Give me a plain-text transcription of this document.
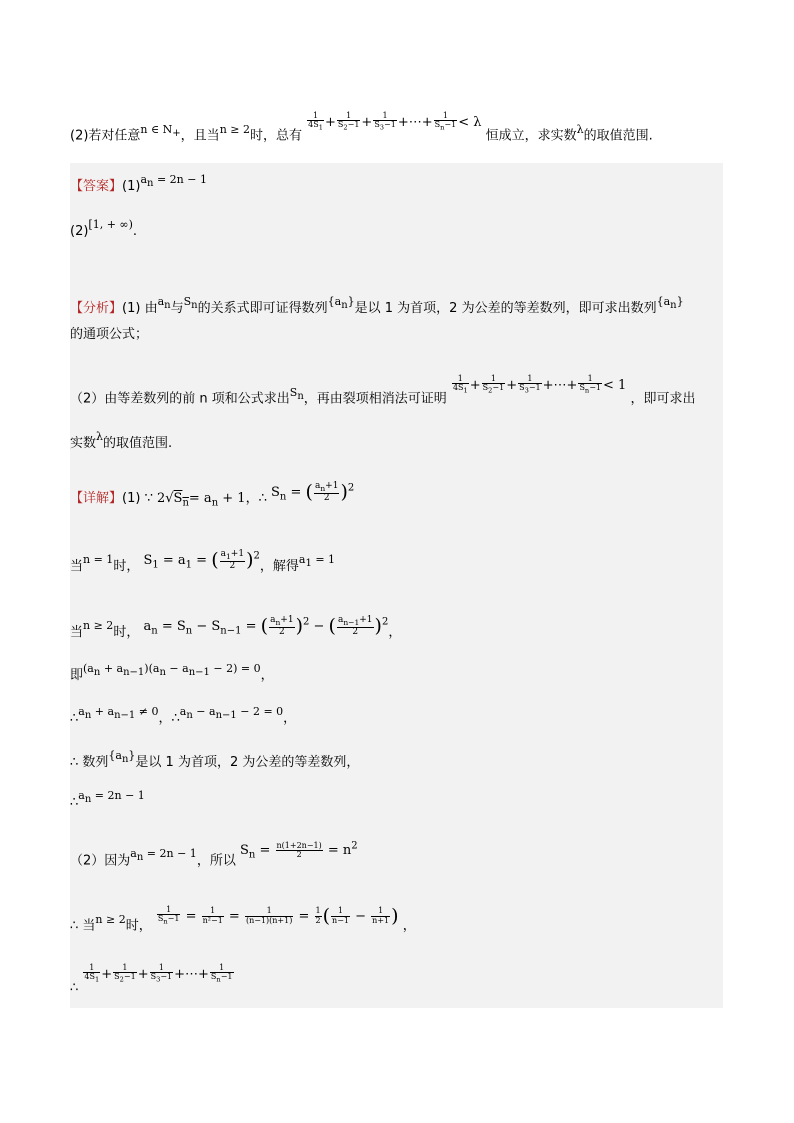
(2)若对任意$^{n \in N_+}$，且当$^{n \ge 2}$时，总有
$\frac{1}{4S_1} + \frac{1}{S_2-1} + \frac{1}{S_3-1}$ +⋯+ $\frac{1}{S_n-1} < \lambda$ 恒成立，求实数$^\lambda$的取值范围.
【答案】$(1)^{a_n = 2n - 1}$
$(2)^{[1, + \infty)}$.
【分析】(1) 由$^{a_n}$与$^{S_n}$的关系式即可证得数列$^{\{a_n\}}$是以 1 为首项，2 为公差的等差数列，即可求出数列$^{\{a_n\}}$
的通项公式；
（2）由等差数列的前 n 项和公式求出$^{S_n}$，再由裂项相消法可证明
$\frac{1}{4S_1} + \frac{1}{S_2-1} + \frac{1}{S_3-1}$ +⋯+ $\frac{1}{S_n-1} < 1$ ，即可求出
实数$^\lambda$的取值范围.
【详解】(1) ∵ $2√S_n= a_n + 1$，∴ $S_n$ = ( $\frac{a_n+1}{2} )^2$
当$^{n = 1}$时， $S_1 = a_1$ = ( $\frac{a_1+1}{2} )^2$，解得$^{a_1 = 1}$
当$^{n \ge 2}$时， $a_n = S_n - S_{n-1}$ = ( $\frac{a_n+1}{2} )^2$ − ( $\frac{a_{n-1}+1}{2} )^2$，
即$^{(a_n + a_{n-1})(a_n - a_{n-1} - 2) = 0}$，
∴$^{a_n + a_{n-1} \ne 0}$，∴$^{a_n - a_{n-1} - 2 = 0}$，
∴ 数列$^{\{a_n\}}$是以 1 为首项，2 为公差的等差数列，
∴$^{a_n = 2n - 1}$
（2）因为$^{a_n = 2n - 1}$，所以 $S_n = \frac{n(1+2n-1)}{2} = n^2$
∴ 当$^{n \ge 2}$时，
$\frac{1}{S_n-1} = \frac{1}{\text{n²−1}} = \frac{1}{(n-1)(n+1)} = \frac{1}{2}$ ( $\frac{1}{n-1} - \frac{1}{n+1}$ ) ，
∴
$\frac{1}{4S_1} + \frac{1}{S_2-1} + \frac{1}{S_3-1}$ +⋯+ $\frac{1}{S_n-1}$
